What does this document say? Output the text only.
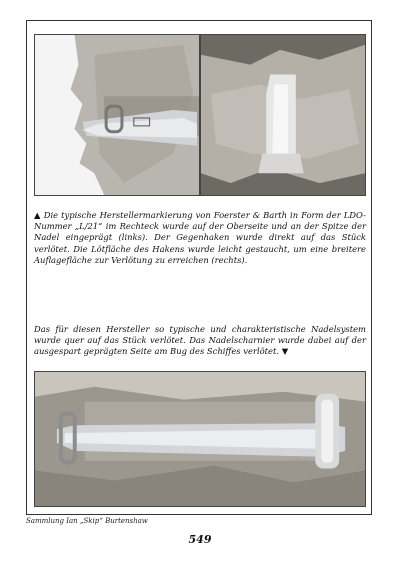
▲ Die typische Herstellermarkierung von Foerster & Barth in Form der LDO-Nummer „L/21“ im Rechteck wurde auf der Oberseite und an der Spitze der Nadel eingeprägt (links). Der Gegenhaken wurde direkt auf das Stück verlötet. Die Lötfläche des Hakens wurde leicht gestaucht, um eine breitere Auflagefläche zur Verlötung zu erreichen (rechts).
Das für diesen Hersteller so typische und charakteristische Nadelsystem wurde quer auf das Stück verlötet. Das Nadelscharnier wurde dabei auf der ausgespart geprägten Seite am Bug des Schiffes verlötet. ▼
Sammlung Ian „Skip“ Burtenshaw
549
